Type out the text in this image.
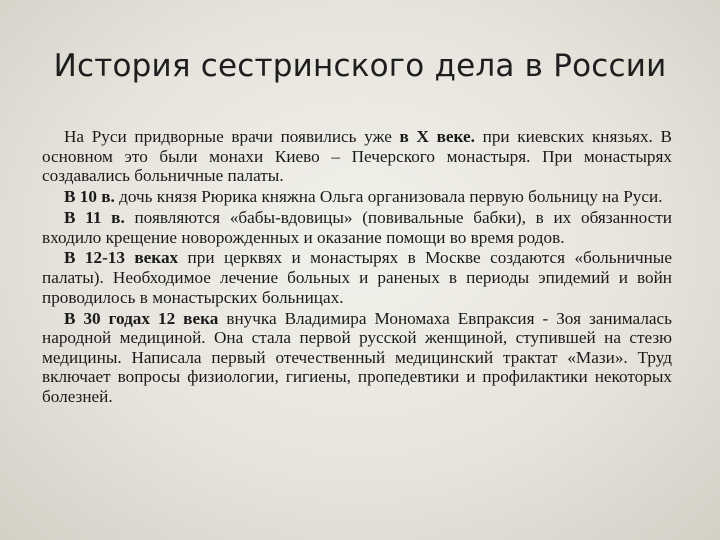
История сестринского дела в России

На Руси придворные врачи появились уже в X веке. при киевских князьях. В основном это были монахи Киево – Печерского монастыря. При монастырях создавались больничные палаты.

В 10 в. дочь князя Рюрика княжна Ольга организовала первую больницу на Руси.

В 11 в. появляются «бабы-вдовицы» (повивальные бабки), в их обязанности входило крещение новорожденных и оказание помощи во время родов.

В 12-13 веках при церквях и монастырях в Москве создаются «больничные палаты). Необходимое лечение больных и раненых в периоды эпидемий и войн проводилось в монастырских больницах.

В 30 годах 12 века внучка Владимира Мономаха Евпраксия - Зоя занималась народной медициной. Она стала первой русской женщиной, ступившей на стезю медицины. Написала первый отечественный медицинский трактат «Мази». Труд включает вопросы физиологии, гигиены, пропедевтики и профилактики некоторых болезней.
